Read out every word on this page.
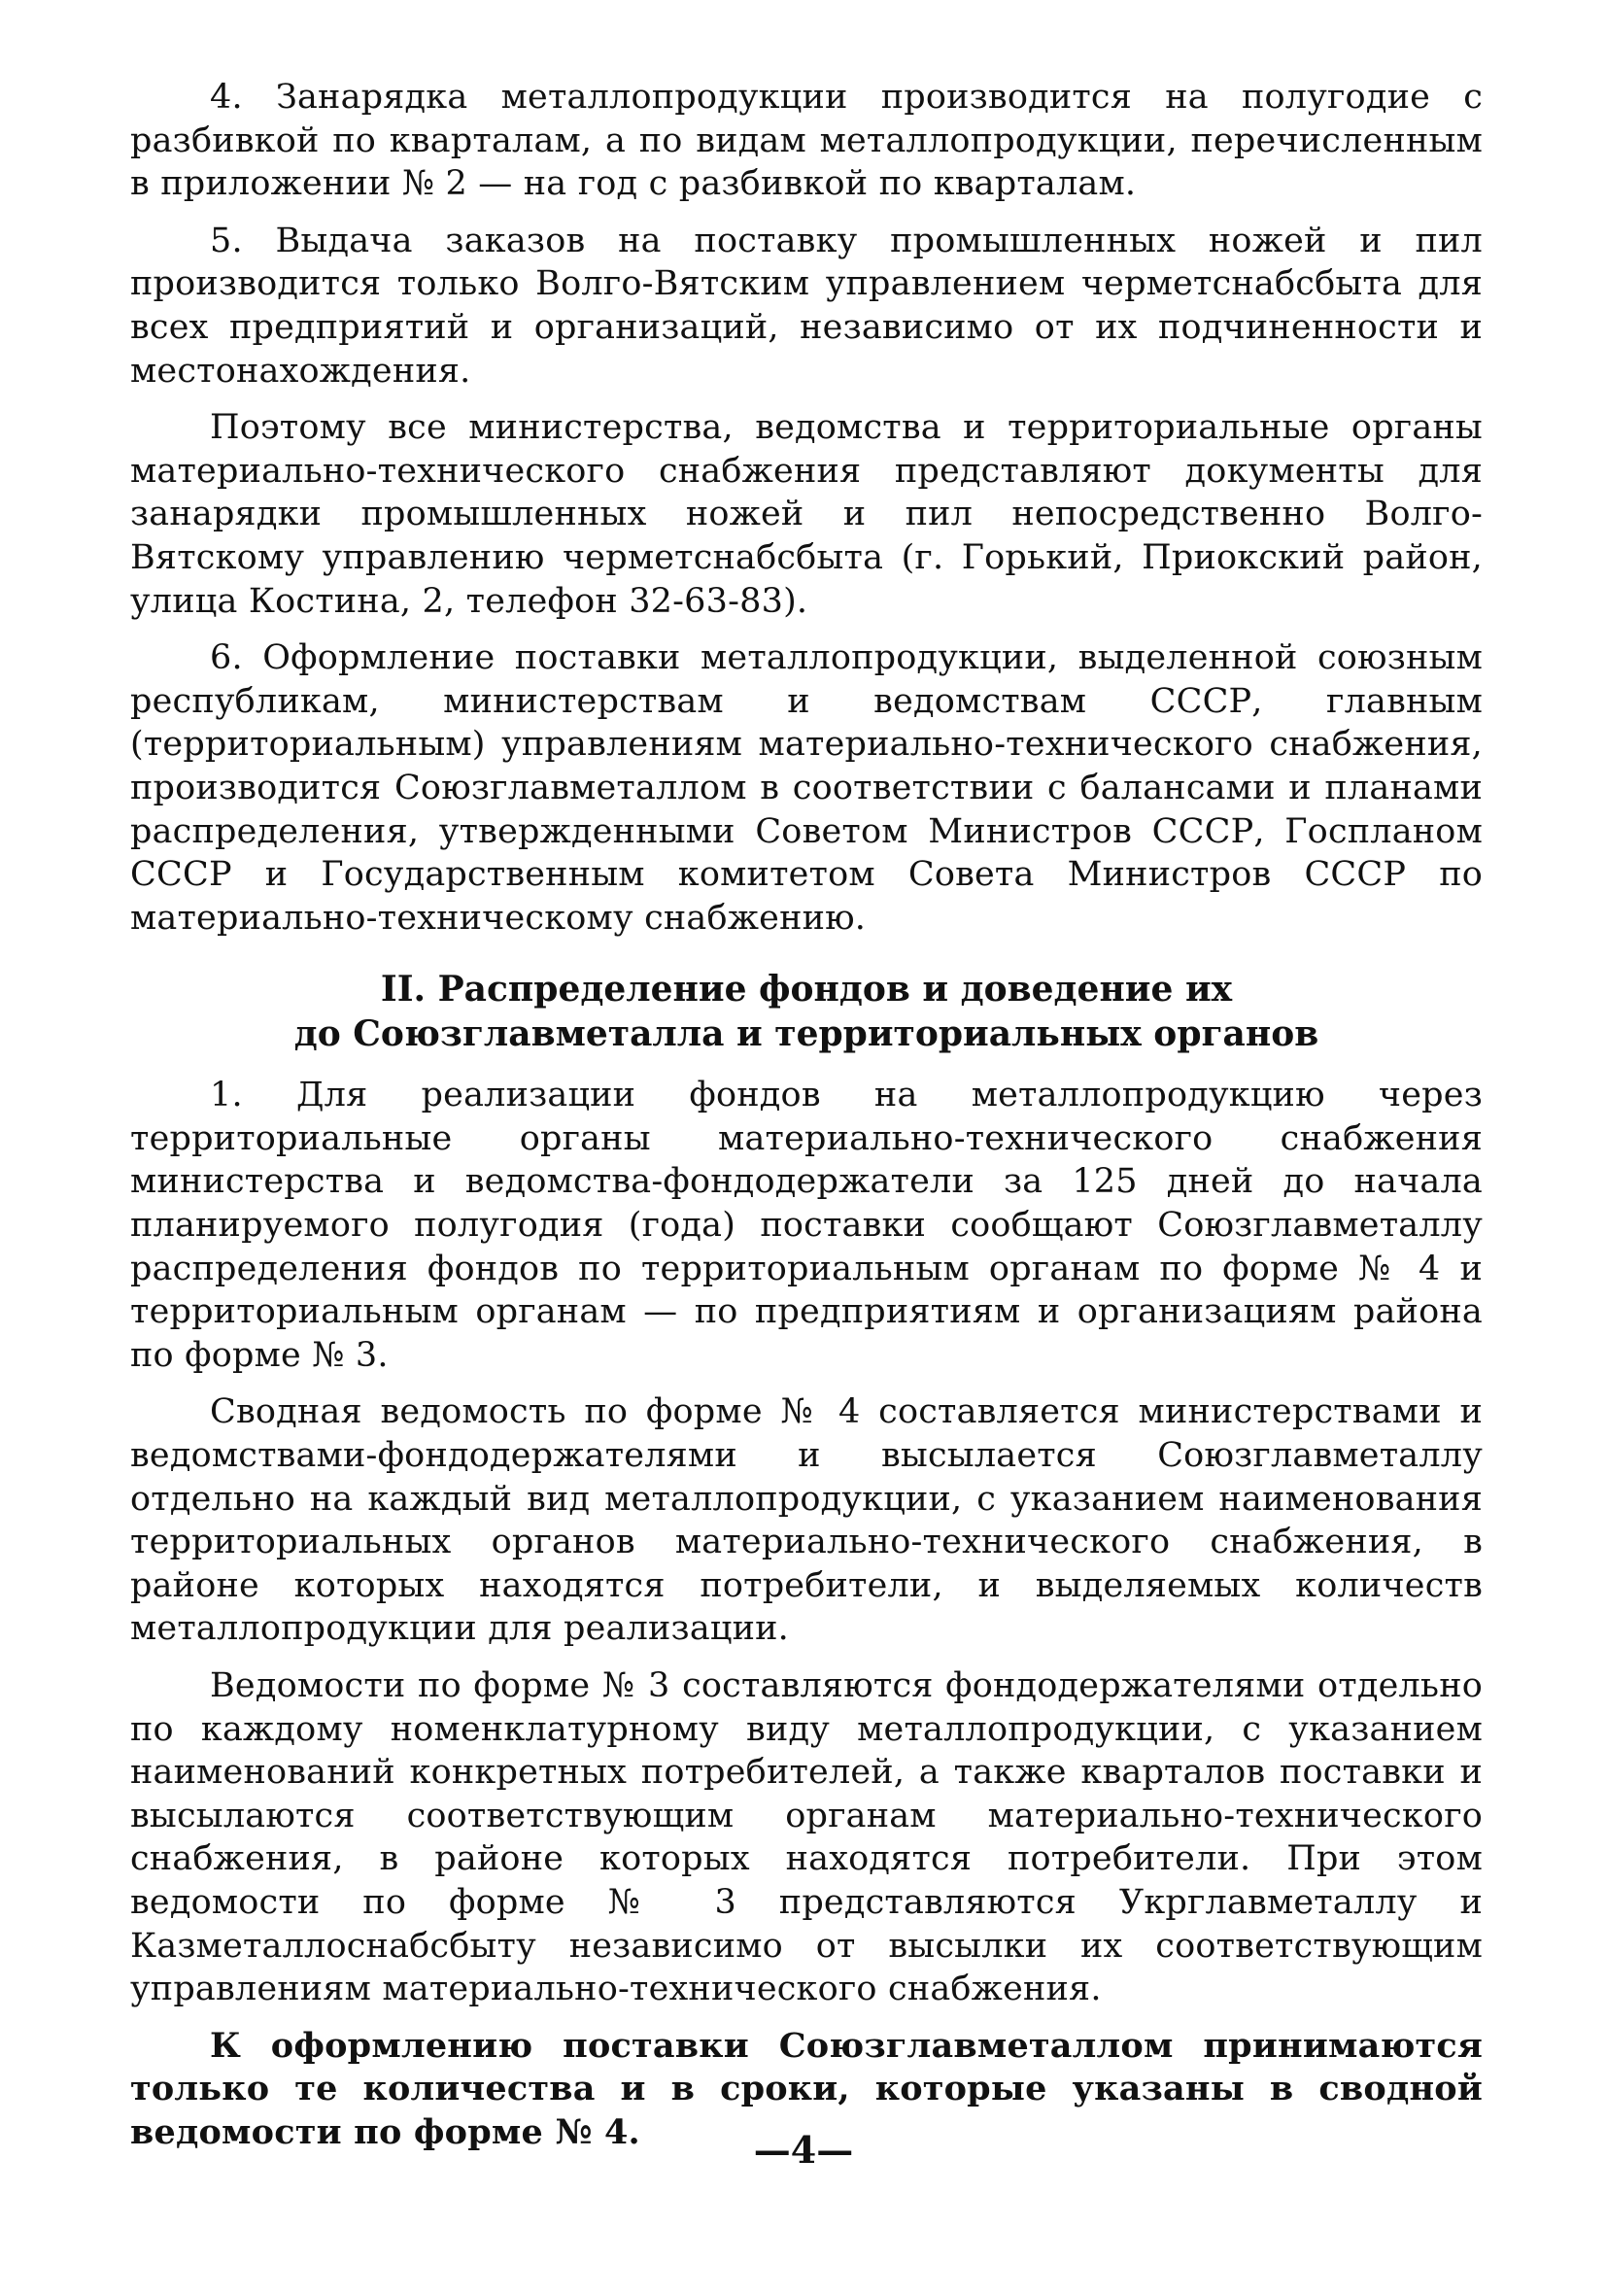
4. Занарядка металлопродукции производится на полугодие с разбивкой по кварталам, а по видам металлопродукции, перечисленным в приложении № 2 — на год с разбивкой по кварталам.

5. Выдача заказов на поставку промышленных ножей и пил производится только Волго-Вятским управлением черметснабсбыта для всех предприятий и организаций, независимо от их подчиненности и местонахождения.

Поэтому все министерства, ведомства и территориальные органы материально-технического снабжения представляют документы для занарядки промышленных ножей и пил непосредственно Волго-Вятскому управлению черметснабсбыта (г. Горький, Приокский район, улица Костина, 2, телефон 32-63-83).

6. Оформление поставки металлопродукции, выделенной союзным республикам, министерствам и ведомствам СССР, главным (территориальным) управлениям материально-технического снабжения, производится Союзглавметаллом в соответствии с балансами и планами распределения, утвержденными Советом Министров СССР, Госпланом СССР и Государственным комитетом Совета Министров СССР по материально-техническому снабжению.

II. Распределение фондов и доведение их
до Союзглавметалла и территориальных органов

1. Для реализации фондов на металлопродукцию через территориальные органы материально-технического снабжения министерства и ведомства-фондодержатели за 125 дней до начала планируемого полугодия (года) поставки сообщают Союзглавметаллу распределения фондов по территориальным органам по форме № 4 и территориальным органам — по предприятиям и организациям района по форме № 3.

Сводная ведомость по форме № 4 составляется министерствами и ведомствами-фондодержателями и высылается Союзглавметаллу отдельно на каждый вид металлопродукции, с указанием наименования территориальных органов материально-технического снабжения, в районе которых находятся потребители, и выделяемых количеств металлопродукции для реализации.

Ведомости по форме № 3 составляются фондодержателями отдельно по каждому номенклатурному виду металлопродукции, с указанием наименований конкретных потребителей, а также кварталов поставки и высылаются соответствующим органам материально-технического снабжения, в районе которых находятся потребители. При этом ведомости по форме № 3 представляются Укрглавметаллу и Казметаллоснабсбыту независимо от высылки их соответствующим управлениям материально-технического снабжения.

К оформлению поставки Союзглавметаллом принимаются только те количества и в сроки, которые указаны в сводной ведомости по форме № 4.	—4—
